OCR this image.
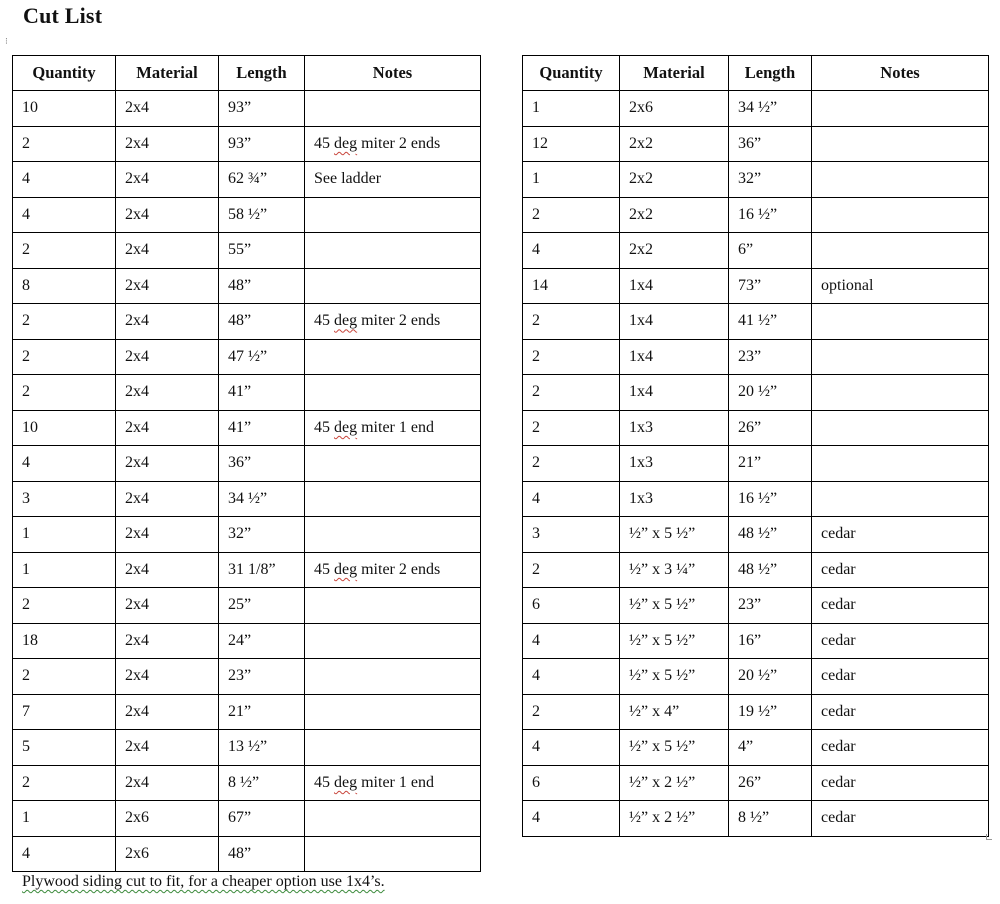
Cut List
⁝
Quantity	Material	Length	Notes
10	2x4	93”	
2	2x4	93”	45 deg miter 2 ends
4	2x4	62 ¾”	See ladder
4	2x4	58 ½”	
2	2x4	55”	
8	2x4	48”	
2	2x4	48”	45 deg miter 2 ends
2	2x4	47 ½”	
2	2x4	41”	
10	2x4	41”	45 deg miter 1 end
4	2x4	36”	
3	2x4	34 ½”	
1	2x4	32”	
1	2x4	31 1/8”	45 deg miter 2 ends
2	2x4	25”	
18	2x4	24”	
2	2x4	23”	
7	2x4	21”	
5	2x4	13 ½”	
2	2x4	8 ½”	45 deg miter 1 end
1	2x6	67”	
4	2x6	48”	
Quantity	Material	Length	Notes
1	2x6	34 ½”	
12	2x2	36”	
1	2x2	32”	
2	2x2	16 ½”	
4	2x2	6”	
14	1x4	73”	optional
2	1x4	41 ½”	
2	1x4	23”	
2	1x4	20 ½”	
2	1x3	26”	
2	1x3	21”	
4	1x3	16 ½”	
3	½” x 5 ½”	48 ½”	cedar
2	½” x 3 ¼”	48 ½”	cedar
6	½” x 5 ½”	23”	cedar
4	½” x 5 ½”	16”	cedar
4	½” x 5 ½”	20 ½”	cedar
2	½” x 4”	19 ½”	cedar
4	½” x 5 ½”	4”	cedar
6	½” x 2 ½”	26”	cedar
4	½” x 2 ½”	8 ½”	cedar
Plywood siding cut to fit, for a cheaper option use 1x4’s.
